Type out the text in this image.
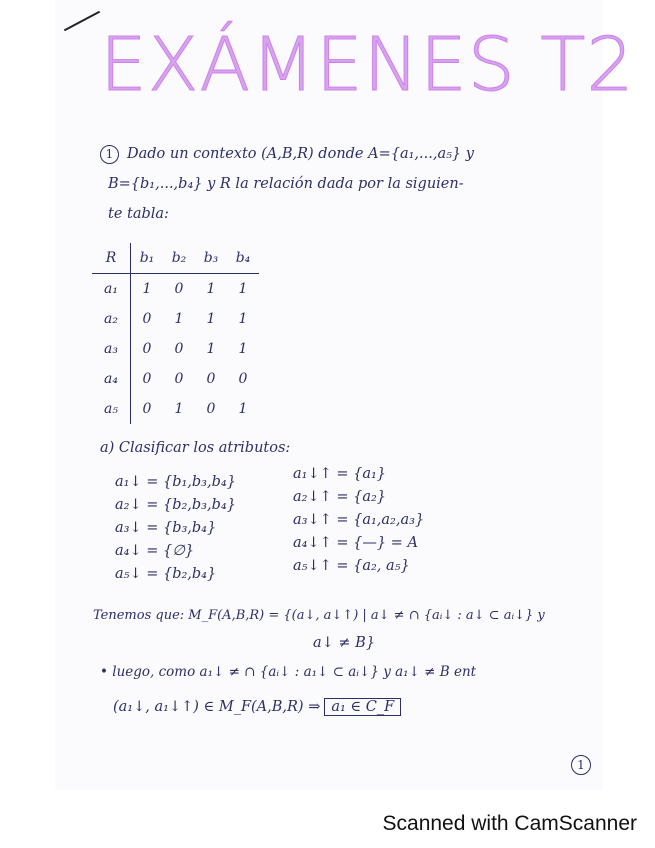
EXÁMENES T2
1 Dado un contexto (A,B,R) donde A={a₁,...,a₅} y
B={b₁,...,b₄} y R la relación dada por la siguien-
te tabla:
R	b₁	b₂	b₃	b₄
a₁	1	0	1	1
a₂	0	1	1	1
a₃	0	0	1	1
a₄	0	0	0	0
a₅	0	1	0	1
a) Clasificar los atributos:
a₁↓ = {b₁,b₃,b₄}
a₂↓ = {b₂,b₃,b₄}
a₃↓ = {b₃,b₄}
a₄↓ = {∅}
a₅↓ = {b₂,b₄}
a₁↓↑ = {a₁}
a₂↓↑ = {a₂}
a₃↓↑ = {a₁,a₂,a₃}
a₄↓↑ = {—} = A
a₅↓↑ = {a₂, a₅}
Tenemos que: M_F(A,B,R) = {(a↓, a↓↑) | a↓ ≠ ∩ {aᵢ↓ : a↓ ⊂ aᵢ↓} y
a↓ ≠ B}
• luego, como a₁↓ ≠ ∩ {aᵢ↓ : a₁↓ ⊂ aᵢ↓} y a₁↓ ≠ B ent
(a₁↓, a₁↓↑) ∈ M_F(A,B,R) ⇒ a₁ ∈ C_F
1
Scanned with CamScanner
